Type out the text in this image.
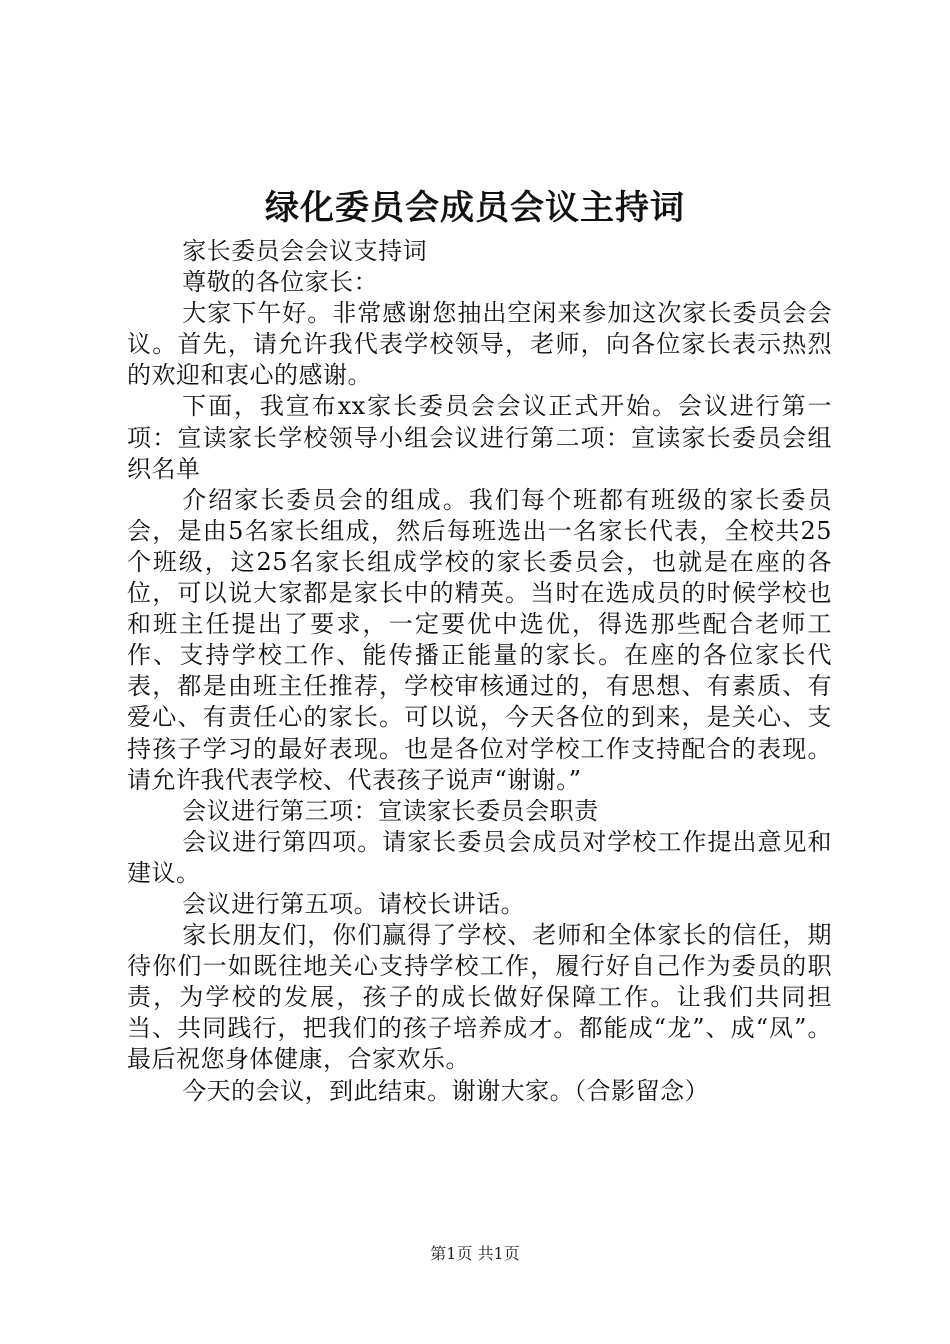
绿化委员会成员会议主持词

家长委员会会议支持词

尊敬的各位家长：

大家下午好。非常感谢您抽出空闲来参加这次家长委员会会议。首先，请允许我代表学校领导，老师，向各位家长表示热烈的欢迎和衷心的感谢。

下面，我宣布xx家长委员会会议正式开始。会议进行第一项：宣读家长学校领导小组会议进行第二项：宣读家长委员会组织名单

介绍家长委员会的组成。我们每个班都有班级的家长委员会，是由5名家长组成，然后每班选出一名家长代表，全校共25个班级，这25名家长组成学校的家长委员会，也就是在座的各位，可以说大家都是家长中的精英。当时在选成员的时候学校也和班主任提出了要求，一定要优中选优，得选那些配合老师工作、支持学校工作、能传播正能量的家长。在座的各位家长代表，都是由班主任推荐，学校审核通过的，有思想、有素质、有爱心、有责任心的家长。可以说，今天各位的到来，是关心、支持孩子学习的最好表现。也是各位对学校工作支持配合的表现。请允许我代表学校、代表孩子说声“谢谢。”

会议进行第三项：宣读家长委员会职责

会议进行第四项。请家长委员会成员对学校工作提出意见和建议。

会议进行第五项。请校长讲话。

家长朋友们，你们赢得了学校、老师和全体家长的信任，期待你们一如既往地关心支持学校工作，履行好自己作为委员的职责，为学校的发展，孩子的成长做好保障工作。让我们共同担当、共同践行，把我们的孩子培养成才。都能成“龙”、成“凤”。最后祝您身体健康，合家欢乐。

今天的会议，到此结束。谢谢大家。（合影留念）

第1页 共1页
